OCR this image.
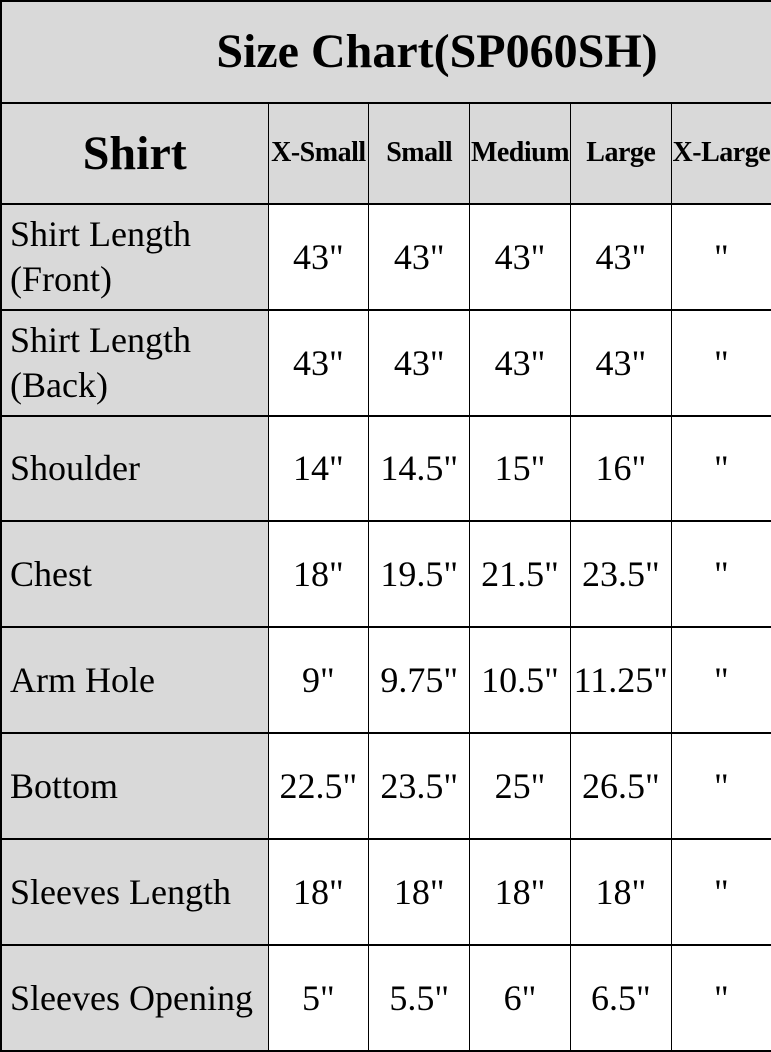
Size Chart(SP060SH)					
Shirt	X-Small	Small	Medium	Large	X-Large
Shirt Length (Front)	43"	43"	43"	43"	"
Shirt Length (Back)	43"	43"	43"	43"	"
Shoulder	14"	14.5"	15"	16"	"
Chest	18"	19.5"	21.5"	23.5"	"
Arm Hole	9"	9.75"	10.5"	11.25"	"
Bottom	22.5"	23.5"	25"	26.5"	"
Sleeves Length	18"	18"	18"	18"	"
Sleeves Opening	5"	5.5"	6"	6.5"	"
